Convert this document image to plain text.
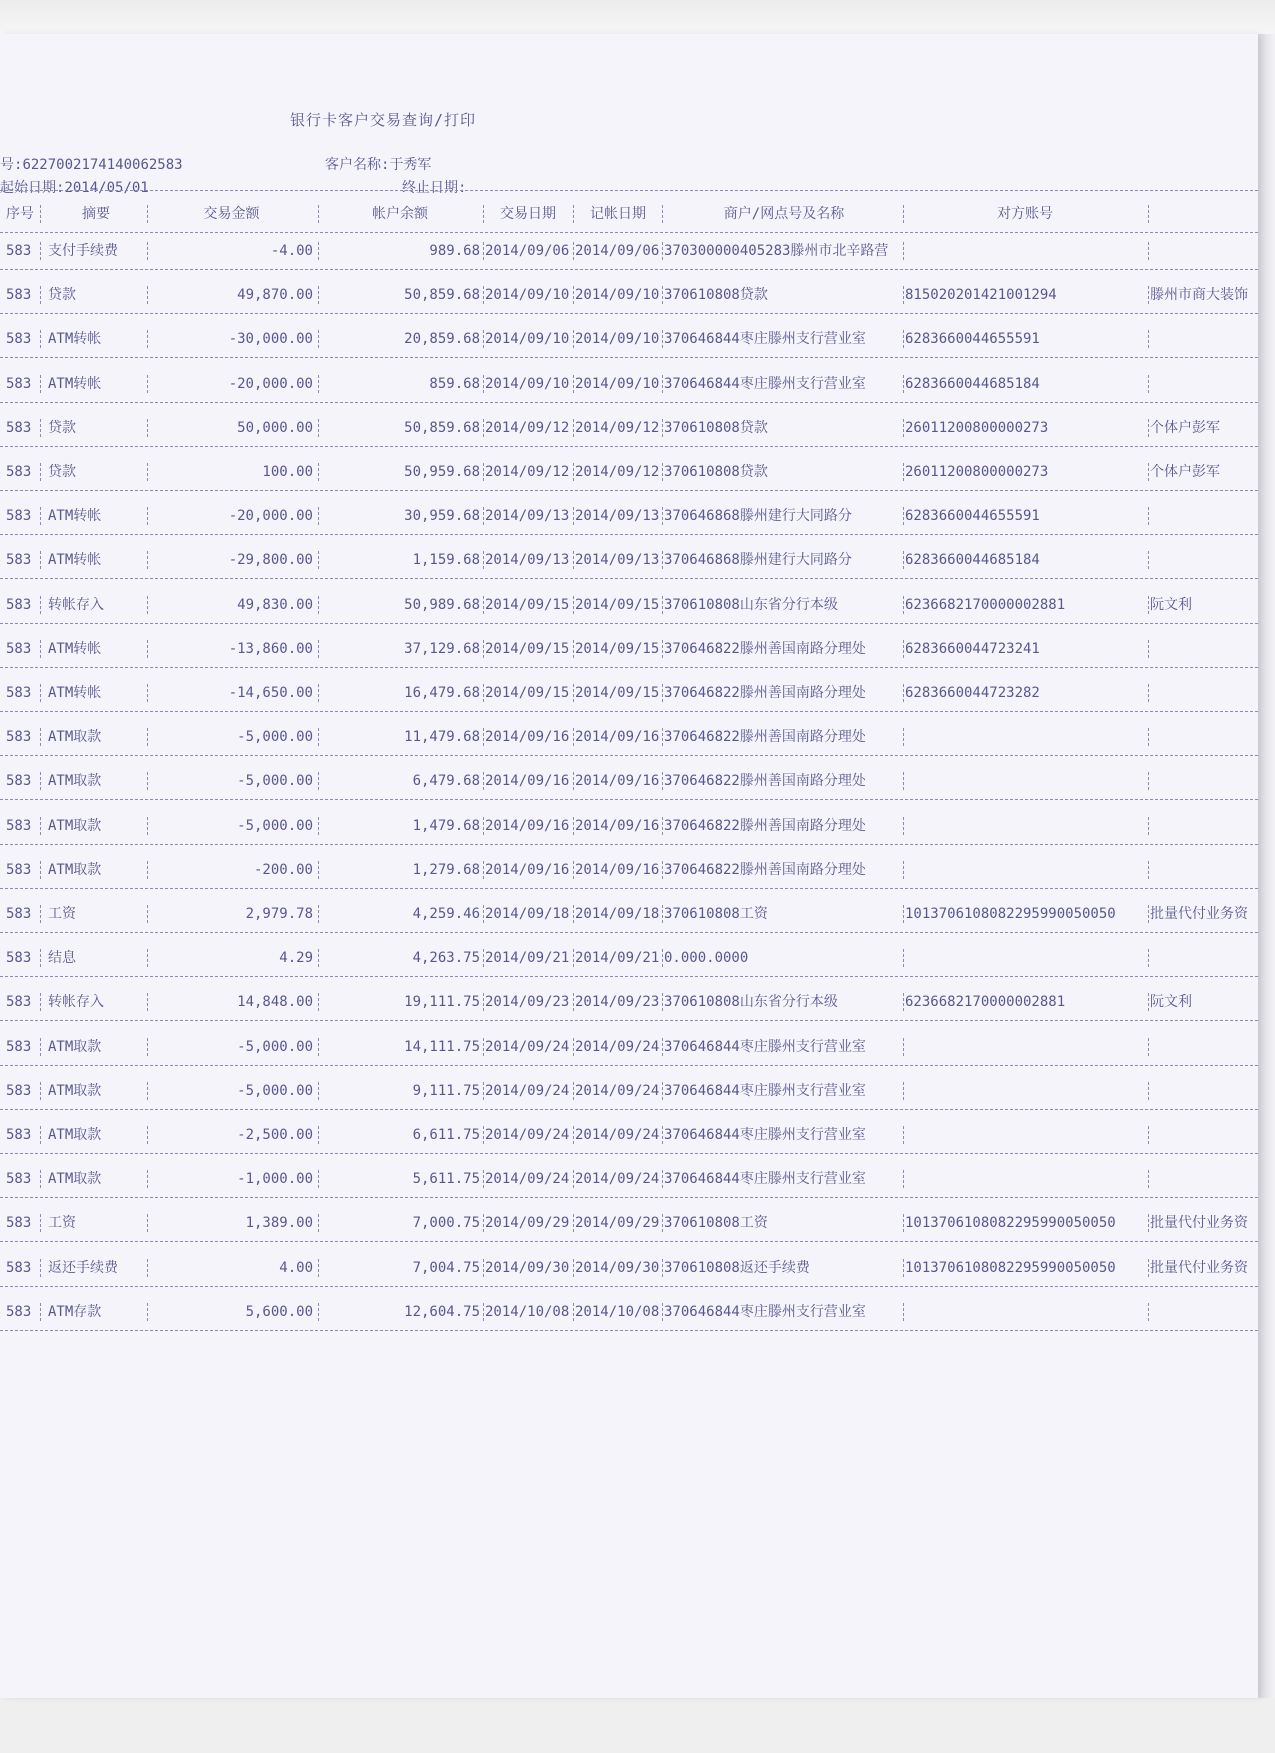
银行卡客户交易查询/打印
号:6227002174140062583
起始日期:2014/05/01
客户名称:于秀军
终止日期:
序号	摘要	交易金额	帐户余额	交易日期	记帐日期	商户/网点号及名称	对方账号
583	支付手续费	-4.00	989.68 2014/09/06 2014/09/06 370300000405283滕州市北辛路营
583	贷款	49,870.00	50,859.68 2014/09/10 2014/09/10 370610808贷款	815020201421001294	滕州市商大装饰
583	ATM转帐	-30,000.00	20,859.68 2014/09/10 2014/09/10 370646844枣庄滕州支行营业室	6283660044655591
583	ATM转帐	-20,000.00	859.68 2014/09/10 2014/09/10 370646844枣庄滕州支行营业室	6283660044685184
583	贷款	50,000.00	50,859.68 2014/09/12 2014/09/12 370610808贷款	26011200800000273	个体户彭军
583	贷款	100.00	50,959.68 2014/09/12 2014/09/12 370610808贷款	26011200800000273	个体户彭军
583	ATM转帐	-20,000.00	30,959.68 2014/09/13 2014/09/13 370646868滕州建行大同路分	6283660044655591
583	ATM转帐	-29,800.00	1,159.68 2014/09/13 2014/09/13 370646868滕州建行大同路分	6283660044685184
583	转帐存入	49,830.00	50,989.68 2014/09/15 2014/09/15 370610808山东省分行本级	6236682170000002881	阮文利
583	ATM转帐	-13,860.00	37,129.68 2014/09/15 2014/09/15 370646822滕州善国南路分理处	6283660044723241
583	ATM转帐	-14,650.00	16,479.68 2014/09/15 2014/09/15 370646822滕州善国南路分理处	6283660044723282
583	ATM取款	-5,000.00	11,479.68 2014/09/16 2014/09/16 370646822滕州善国南路分理处
583	ATM取款	-5,000.00	6,479.68 2014/09/16 2014/09/16 370646822滕州善国南路分理处
583	ATM取款	-5,000.00	1,479.68 2014/09/16 2014/09/16 370646822滕州善国南路分理处
583	ATM取款	-200.00	1,279.68 2014/09/16 2014/09/16 370646822滕州善国南路分理处
583	工资	2,979.78	4,259.46 2014/09/18 2014/09/18 370610808工资	1013706108082295990050050	批量代付业务资
583	结息	4.29	4,263.75 2014/09/21 2014/09/21 0.000.0000
583	转帐存入	14,848.00	19,111.75 2014/09/23 2014/09/23 370610808山东省分行本级	6236682170000002881	阮文利
583	ATM取款	-5,000.00	14,111.75 2014/09/24 2014/09/24 370646844枣庄滕州支行营业室
583	ATM取款	-5,000.00	9,111.75 2014/09/24 2014/09/24 370646844枣庄滕州支行营业室
583	ATM取款	-2,500.00	6,611.75 2014/09/24 2014/09/24 370646844枣庄滕州支行营业室
583	ATM取款	-1,000.00	5,611.75 2014/09/24 2014/09/24 370646844枣庄滕州支行营业室
583	工资	1,389.00	7,000.75 2014/09/29 2014/09/29 370610808工资	1013706108082295990050050	批量代付业务资
583	返还手续费	4.00	7,004.75 2014/09/30 2014/09/30 370610808返还手续费	1013706108082295990050050	批量代付业务资
583	ATM存款	5,600.00	12,604.75 2014/10/08 2014/10/08 370646844枣庄滕州支行营业室
